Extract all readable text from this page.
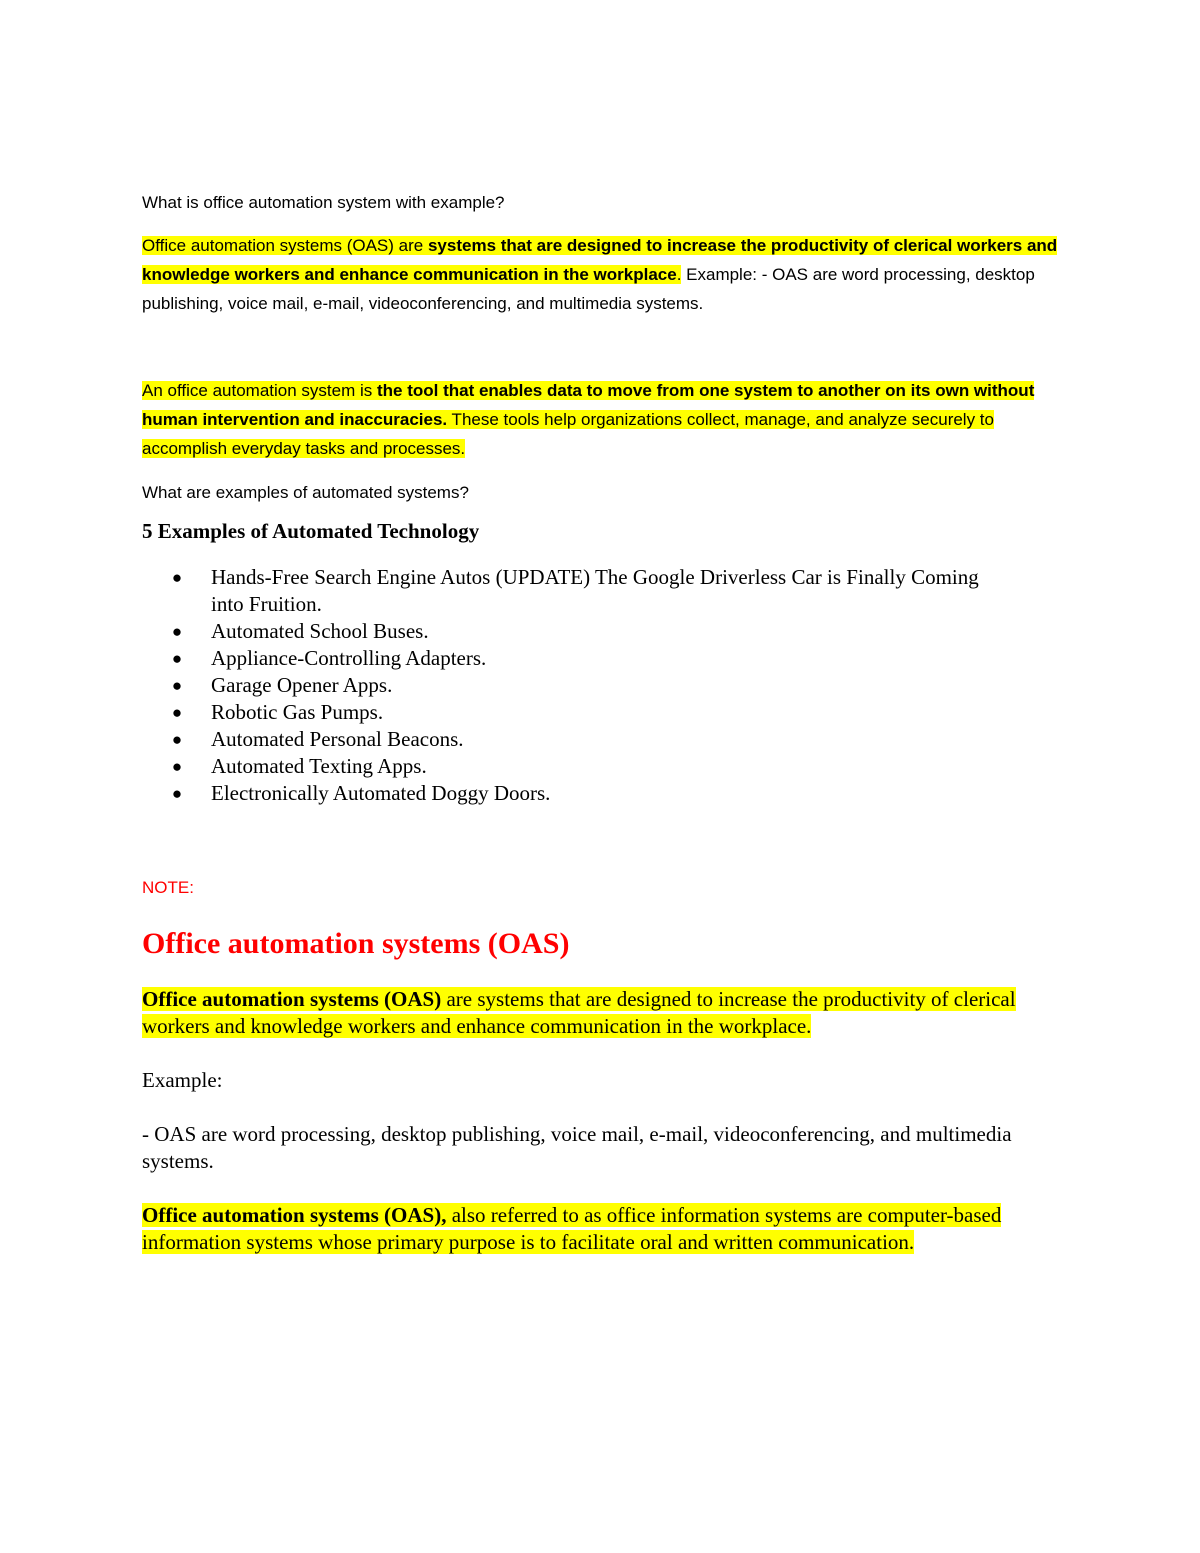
What is office automation system with example?

Office automation systems (OAS) are systems that are designed to increase the productivity of clerical workers and knowledge workers and enhance communication in the workplace. Example: - OAS are word processing, desktop publishing, voice mail, e-mail, videoconferencing, and multimedia systems.

An office automation system is the tool that enables data to move from one system to another on its own without human intervention and inaccuracies. These tools help organizations collect, manage, and analyze securely to accomplish everyday tasks and processes.

What are examples of automated systems?

5 Examples of Automated Technology
● Hands-Free Search Engine Autos (UPDATE) The Google Driverless Car is Finally Coming into Fruition.
● Automated School Buses.
● Appliance-Controlling Adapters.
● Garage Opener Apps.
● Robotic Gas Pumps.
● Automated Personal Beacons.
● Automated Texting Apps.
● Electronically Automated Doggy Doors.

NOTE:

Office automation systems (OAS)

Office automation systems (OAS) are systems that are designed to increase the productivity of clerical workers and knowledge workers and enhance communication in the workplace.

Example:

- OAS are word processing, desktop publishing, voice mail, e-mail, videoconferencing, and multimedia systems.

Office automation systems (OAS), also referred to as office information systems are computer-based information systems whose primary purpose is to facilitate oral and written communication.
